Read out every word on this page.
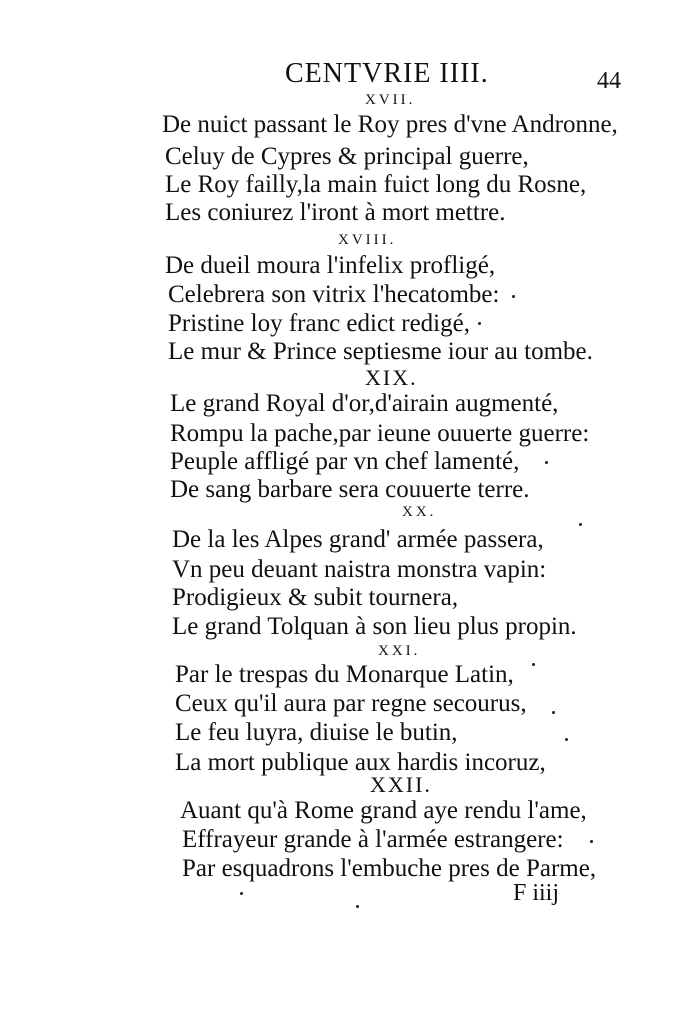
CENTVRIE IIII.	44
XVII.
De nuict passant le Roy pres d'vne Andronne,
Celuy de Cypres & principal guerre,
Le Roy failly,la main fuict long du Rosne,
Les coniurez l'iront à mort mettre.
XVIII.
De dueil moura l'infelix profligé,
Celebrera son vitrix l'hecatombe:
Pristine loy franc edict redigé,
Le mur & Prince septiesme iour au tombe.
XIX.
Le grand Royal d'or,d'airain augmenté,
Rompu la pache,par ieune ouuerte guerre:
Peuple affligé par vn chef lamenté,
De sang barbare sera couuerte terre.
XX.
De la les Alpes grand' armée passera,
Vn peu deuant naistra monstra vapin:
Prodigieux & subit tournera,
Le grand Tolquan à son lieu plus propin.
XXI.
Par le trespas du Monarque Latin,
Ceux qu'il aura par regne secourus,
Le feu luyra, diuise le butin,
La mort publique aux hardis incoruz,
XXII.
Auant qu'à Rome grand aye rendu l'ame,
Effrayeur grande à l'armée estrangere:
Par esquadrons l'embuche pres de Parme,
F iiij
